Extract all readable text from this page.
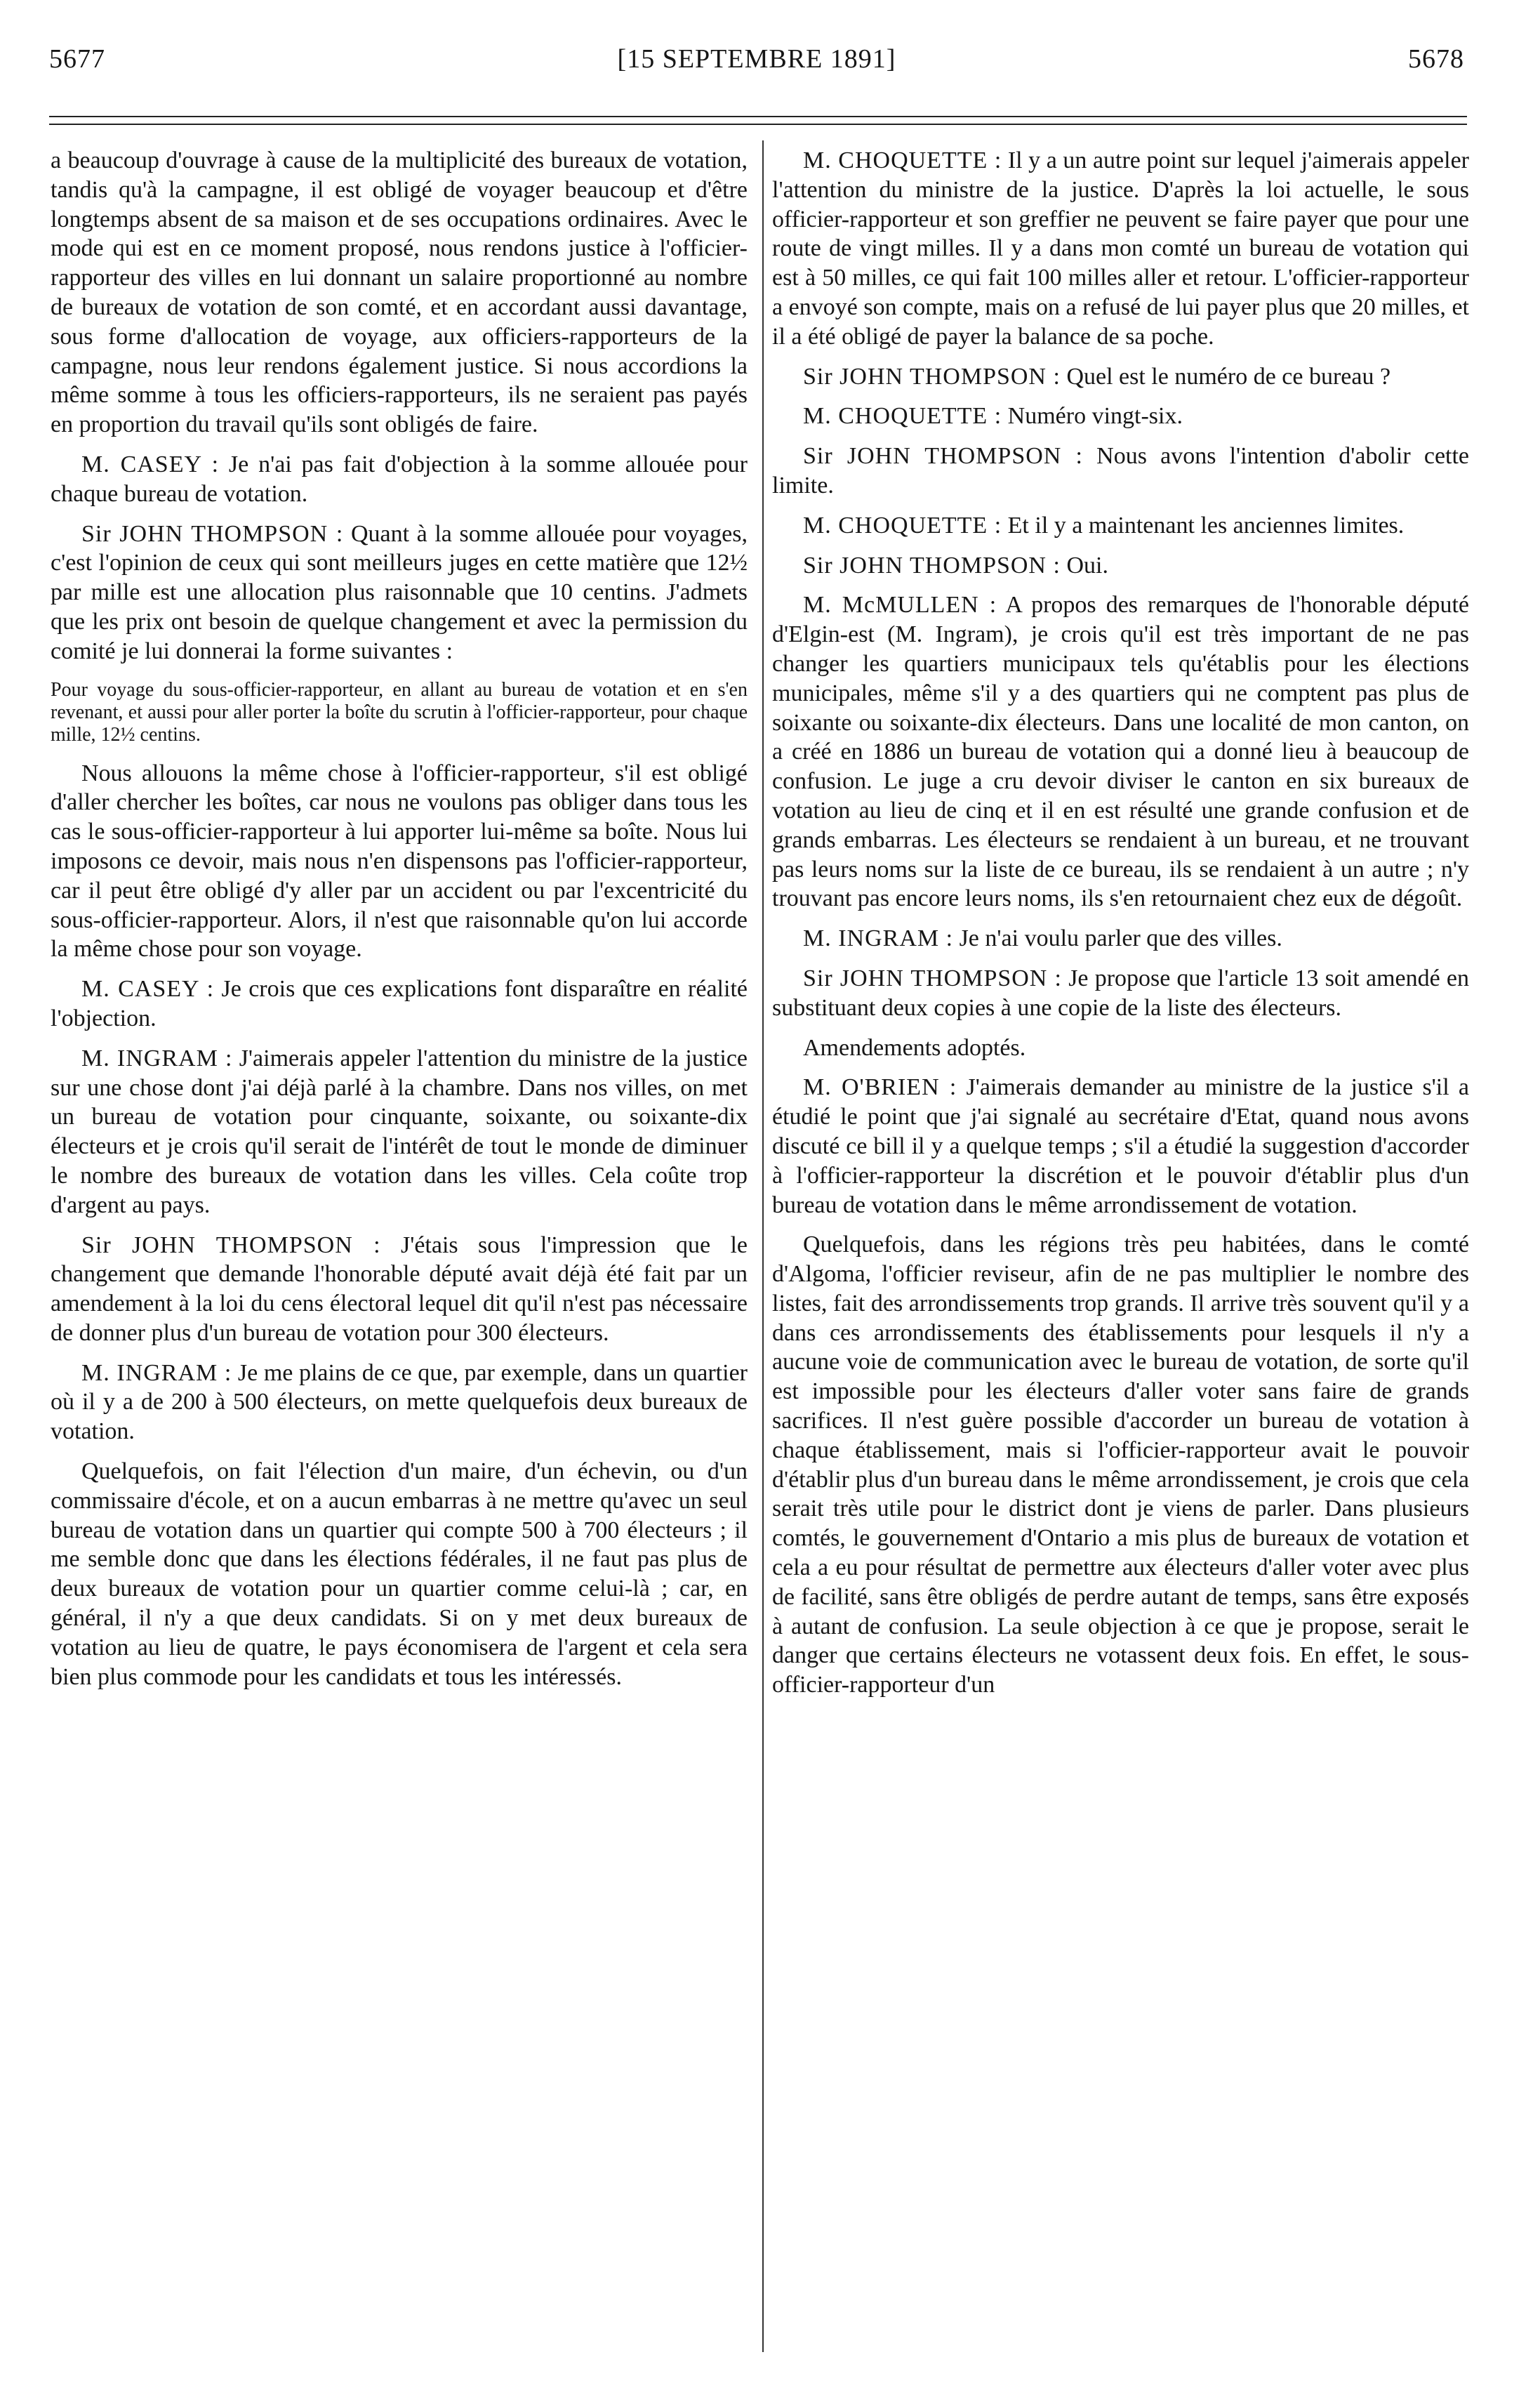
5677	[15 SEPTEMBRE 1891]	5678

a beaucoup d'ouvrage à cause de la multiplicité des bureaux de votation, tandis qu'à la campagne, il est obligé de voyager beaucoup et d'être longtemps absent de sa maison et de ses occupations ordinaires. Avec le mode qui est en ce moment proposé, nous rendons justice à l'officier-rapporteur des villes en lui donnant un salaire proportionné au nombre de bureaux de votation de son comté, et en accordant aussi davantage, sous forme d'allocation de voyage, aux officiers-rapporteurs de la campagne, nous leur rendons également justice. Si nous accordions la même somme à tous les officiers-rapporteurs, ils ne seraient pas payés en proportion du travail qu'ils sont obligés de faire.

M. CASEY : Je n'ai pas fait d'objection à la somme allouée pour chaque bureau de votation.

Sir JOHN THOMPSON : Quant à la somme allouée pour voyages, c'est l'opinion de ceux qui sont meilleurs juges en cette matière que 12½ par mille est une allocation plus raisonnable que 10 centins. J'admets que les prix ont besoin de quelque changement et avec la permission du comité je lui donnerai la forme suivantes :

Pour voyage du sous-officier-rapporteur, en allant au bureau de votation et en s'en revenant, et aussi pour aller porter la boîte du scrutin à l'officier-rapporteur, pour chaque mille, 12½ centins.

Nous allouons la même chose à l'officier-rapporteur, s'il est obligé d'aller chercher les boîtes, car nous ne voulons pas obliger dans tous les cas le sous-officier-rapporteur à lui apporter lui-même sa boîte. Nous lui imposons ce devoir, mais nous n'en dispensons pas l'officier-rapporteur, car il peut être obligé d'y aller par un accident ou par l'excentricité du sous-officier-rapporteur. Alors, il n'est que raisonnable qu'on lui accorde la même chose pour son voyage.

M. CASEY : Je crois que ces explications font disparaître en réalité l'objection.

M. INGRAM : J'aimerais appeler l'attention du ministre de la justice sur une chose dont j'ai déjà parlé à la chambre. Dans nos villes, on met un bureau de votation pour cinquante, soixante, ou soixante-dix électeurs et je crois qu'il serait de l'intérêt de tout le monde de diminuer le nombre des bureaux de votation dans les villes. Cela coûte trop d'argent au pays.

Sir JOHN THOMPSON : J'étais sous l'impression que le changement que demande l'honorable député avait déjà été fait par un amendement à la loi du cens électoral lequel dit qu'il n'est pas nécessaire de donner plus d'un bureau de votation pour 300 électeurs.

M. INGRAM : Je me plains de ce que, par exemple, dans un quartier où il y a de 200 à 500 électeurs, on mette quelquefois deux bureaux de votation.

Quelquefois, on fait l'élection d'un maire, d'un échevin, ou d'un commissaire d'école, et on a aucun embarras à ne mettre qu'avec un seul bureau de votation dans un quartier qui compte 500 à 700 électeurs ; il me semble donc que dans les élections fédérales, il ne faut pas plus de deux bureaux de votation pour un quartier comme celui-là ; car, en général, il n'y a que deux candidats. Si on y met deux bureaux de votation au lieu de quatre, le pays économisera de l'argent et cela sera bien plus commode pour les candidats et tous les intéressés.

M. CHOQUETTE : Il y a un autre point sur lequel j'aimerais appeler l'attention du ministre de la justice. D'après la loi actuelle, le sous officier-rapporteur et son greffier ne peuvent se faire payer que pour une route de vingt milles. Il y a dans mon comté un bureau de votation qui est à 50 milles, ce qui fait 100 milles aller et retour. L'officier-rapporteur a envoyé son compte, mais on a refusé de lui payer plus que 20 milles, et il a été obligé de payer la balance de sa poche.

Sir JOHN THOMPSON : Quel est le numéro de ce bureau ?

M. CHOQUETTE : Numéro vingt-six.

Sir JOHN THOMPSON : Nous avons l'intention d'abolir cette limite.

M. CHOQUETTE : Et il y a maintenant les anciennes limites.

Sir JOHN THOMPSON : Oui.

M. McMULLEN : A propos des remarques de l'honorable député d'Elgin-est (M. Ingram), je crois qu'il est très important de ne pas changer les quartiers municipaux tels qu'établis pour les élections municipales, même s'il y a des quartiers qui ne comptent pas plus de soixante ou soixante-dix électeurs. Dans une localité de mon canton, on a créé en 1886 un bureau de votation qui a donné lieu à beaucoup de confusion. Le juge a cru devoir diviser le canton en six bureaux de votation au lieu de cinq et il en est résulté une grande confusion et de grands embarras. Les électeurs se rendaient à un bureau, et ne trouvant pas leurs noms sur la liste de ce bureau, ils se rendaient à un autre ; n'y trouvant pas encore leurs noms, ils s'en retournaient chez eux de dégoût.

M. INGRAM : Je n'ai voulu parler que des villes.

Sir JOHN THOMPSON : Je propose que l'article 13 soit amendé en substituant deux copies à une copie de la liste des électeurs.

Amendements adoptés.

M. O'BRIEN : J'aimerais demander au ministre de la justice s'il a étudié le point que j'ai signalé au secrétaire d'Etat, quand nous avons discuté ce bill il y a quelque temps ; s'il a étudié la suggestion d'accorder à l'officier-rapporteur la discrétion et le pouvoir d'établir plus d'un bureau de votation dans le même arrondissement de votation.

Quelquefois, dans les régions très peu habitées, dans le comté d'Algoma, l'officier reviseur, afin de ne pas multiplier le nombre des listes, fait des arrondissements trop grands. Il arrive très souvent qu'il y a dans ces arrondissements des établissements pour lesquels il n'y a aucune voie de communication avec le bureau de votation, de sorte qu'il est impossible pour les électeurs d'aller voter sans faire de grands sacrifices. Il n'est guère possible d'accorder un bureau de votation à chaque établissement, mais si l'officier-rapporteur avait le pouvoir d'établir plus d'un bureau dans le même arrondissement, je crois que cela serait très utile pour le district dont je viens de parler. Dans plusieurs comtés, le gouvernement d'Ontario a mis plus de bureaux de votation et cela a eu pour résultat de permettre aux électeurs d'aller voter avec plus de facilité, sans être obligés de perdre autant de temps, sans être exposés à autant de confusion. La seule objection à ce que je propose, serait le danger que certains électeurs ne votassent deux fois. En effet, le sous-officier-rapporteur d'un
